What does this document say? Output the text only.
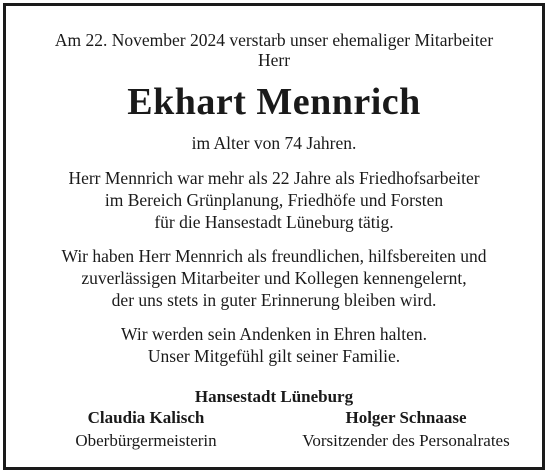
Am 22. November 2024 verstarb unser ehemaliger Mitarbeiter
Herr
Ekhart Mennrich
im Alter von 74 Jahren.
Herr Mennrich war mehr als 22 Jahre als Friedhofsarbeiter
im Bereich Grünplanung, Friedhöfe und Forsten
für die Hansestadt Lüneburg tätig.
Wir haben Herr Mennrich als freundlichen, hilfsbereiten und
zuverlässigen Mitarbeiter und Kollegen kennengelernt,
der uns stets in guter Erinnerung bleiben wird.
Wir werden sein Andenken in Ehren halten.
Unser Mitgefühl gilt seiner Familie.
Hansestadt Lüneburg
Claudia Kalisch
Oberbürgermeisterin
Holger Schnaase
Vorsitzender des Personalrates
